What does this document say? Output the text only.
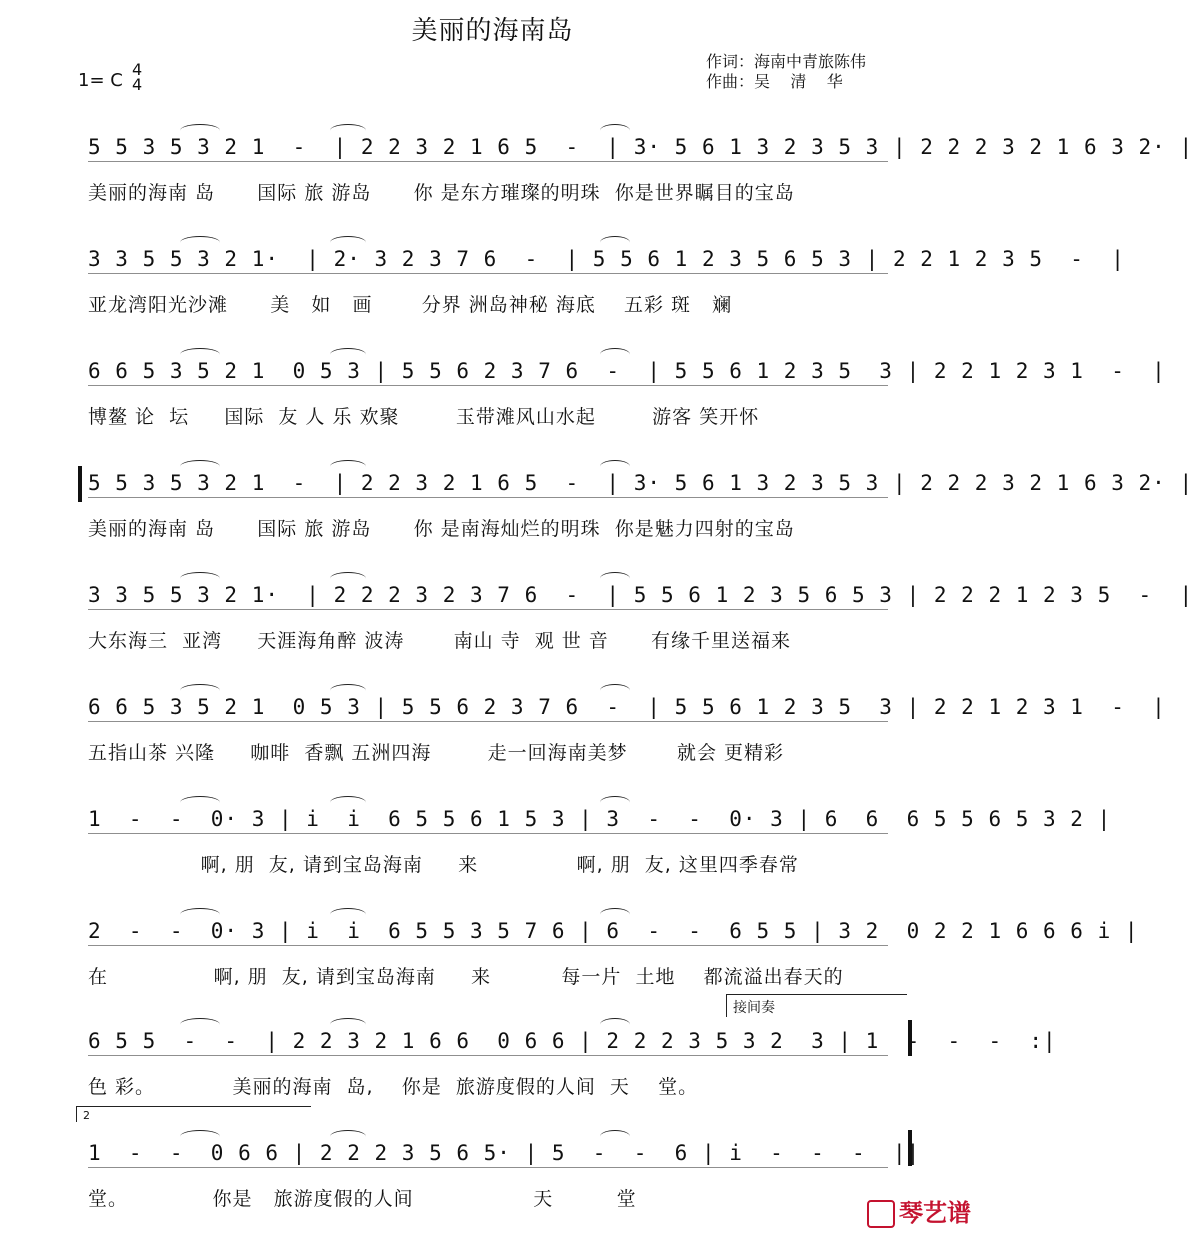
美丽的海南岛
1= C
4
4
作词：海南中青旅陈伟
作曲：吴    清    华
5 5 3 5 3 2 1  -  | 2 2 3 2 1 6 5  -  | 3· 5 6 1 3 2 3 5 3 | 2 2 2 3 2 1 6 3 2· |
美丽的海南 岛      国际 旅 游岛      你 是东方璀璨的明珠  你是世界瞩目的宝岛
3 3 5 5 3 2 1·  | 2· 3 2 3 7 6  -  | 5 5 6 1 2 3 5 6 5 3 | 2 2 1 2 3 5  -  |
亚龙湾阳光沙滩      美   如   画       分界 洲岛神秘 海底    五彩 斑   斓
6 6 5 3 5 2 1  0 5 3 | 5 5 6 2 3 7 6  -  | 5 5 6 1 2 3 5  3 | 2 2 1 2 3 1  -  |
博鳌 论  坛     国际  友 人 乐 欢聚        玉带滩风山水起        游客 笑开怀
5 5 3 5 3 2 1  -  | 2 2 3 2 1 6 5  -  | 3· 5 6 1 3 2 3 5 3 | 2 2 2 3 2 1 6 3 2· |
美丽的海南 岛      国际 旅 游岛      你 是南海灿烂的明珠  你是魅力四射的宝岛
3 3 5 5 3 2 1·  | 2 2 2 3 2 3 7 6  -  | 5 5 6 1 2 3 5 6 5 3 | 2 2 2 1 2 3 5  -  |
大东海三  亚湾     天涯海角醉 波涛       南山 寺  观 世 音      有缘千里送福来
6 6 5 3 5 2 1  0 5 3 | 5 5 6 2 3 7 6  -  | 5 5 6 1 2 3 5  3 | 2 2 1 2 3 1  -  |
五指山茶 兴隆     咖啡  香飘 五洲四海        走一回海南美梦       就会 更精彩
1  -  -  0· 3 | i  i  6 5 5 6 1 5 3 | 3  -  -  0· 3 | 6  6  6 5 5 6 5 3 2 |
啊, 朋  友, 请到宝岛海南     来              啊, 朋  友, 这里四季春常
2  -  -  0· 3 | i  i  6 5 5 3 5 7 6 | 6  -  -  6 5 5 | 3 2  0 2 2 1 6 6 6 i |
在               啊, 朋  友, 请到宝岛海南     来          每一片  土地    都流溢出春天的
6 5 5  -  -  | 2 2 3 2 1 6 6  0 6 6 | 2 2 2 3 5 3 2  3 | 1  -  -  -  :|
色 彩。           美丽的海南  岛,    你是  旅游度假的人间  天    堂。
1  -  -  0 6 6 | 2 2 2 3 5 6 5· | 5  -  -  6 | i  -  -  -  ||
堂。            你是   旅游度假的人间                 天         堂
接间奏
2
琴艺谱
